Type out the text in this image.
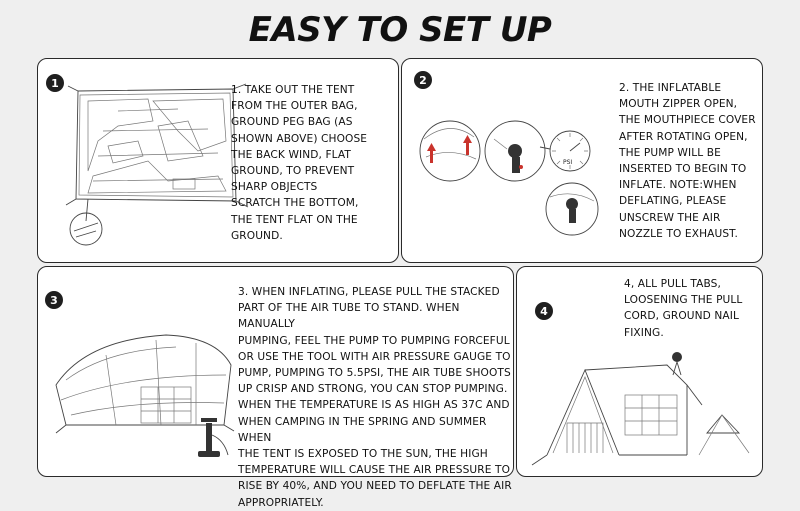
EASY TO SET UP
1
1. TAKE OUT THE TENT
FROM THE OUTER BAG,
GROUND PEG BAG (AS
SHOWN ABOVE) CHOOSE
THE BACK WIND, FLAT
GROUND, TO PREVENT
SHARP OBJECTS
SCRATCH THE BOTTOM,
THE TENT FLAT ON THE
GROUND.
2
PSI
2. THE INFLATABLE
MOUTH ZIPPER OPEN,
THE MOUTHPIECE COVER
AFTER ROTATING OPEN,
THE PUMP WILL BE
INSERTED TO BEGIN TO
INFLATE. NOTE:WHEN
DEFLATING, PLEASE
UNSCREW THE AIR
NOZZLE TO EXHAUST.
3
3. WHEN INFLATING, PLEASE PULL THE STACKED
PART OF THE AIR TUBE TO STAND. WHEN MANUALLY
PUMPING, FEEL THE PUMP TO PUMPING FORCEFUL
OR USE THE TOOL WITH AIR PRESSURE GAUGE TO
PUMP, PUMPING TO 5.5PSI, THE AIR TUBE SHOOTS
UP CRISP AND STRONG, YOU CAN STOP PUMPING.
WHEN THE TEMPERATURE IS AS HIGH AS 37C AND
WHEN CAMPING IN THE SPRING AND SUMMER WHEN
THE TENT IS EXPOSED TO THE SUN, THE HIGH
TEMPERATURE WILL CAUSE THE AIR PRESSURE TO
RISE BY 40%, AND YOU NEED TO DEFLATE THE AIR
APPROPRIATELY.
4
4, ALL PULL TABS,
LOOSENING THE PULL
CORD, GROUND NAIL
FIXING.
